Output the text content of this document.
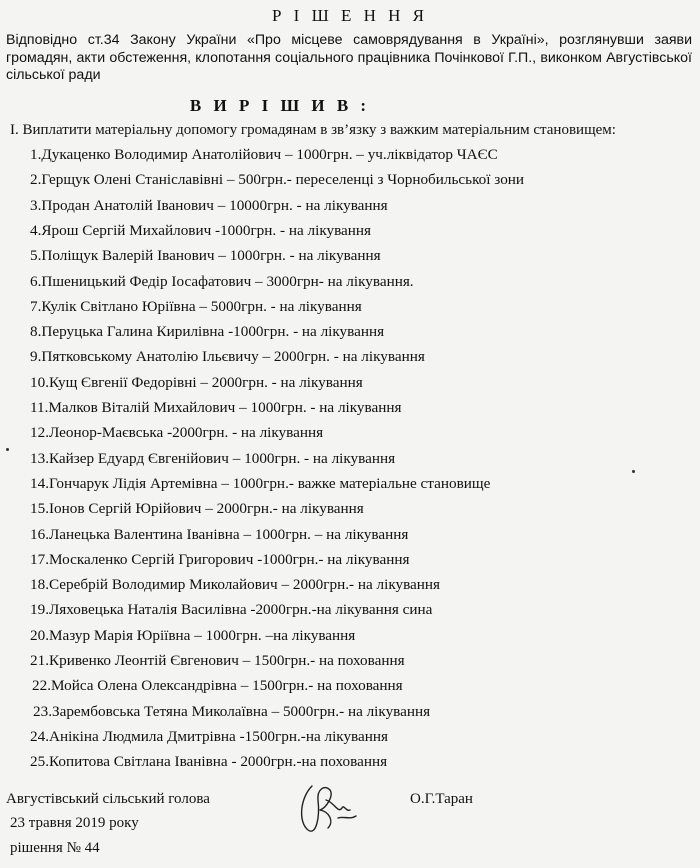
Р І Ш Е Н Н Я
Відповідно ст.34 Закону України «Про місцеве самоврядування в Україні», розглянувши заяви громадян, акти обстеження, клопотання соціального працівника Почінкової Г.П., виконком Августівської сільської ради
В И Р І Ш И В :
І. Виплатити матеріальну допомогу громадянам в зв’язку з важким матеріальним становищем:
1.Дукаценко Володимир Анатолійович – 1000грн. – уч.ліквідатор ЧАЄС
2.Герщук Олені Станіславівні – 500грн.- переселенці з Чорнобильської зони
3.Продан Анатолій Іванович – 10000грн. - на лікування
4.Ярош Сергій Михайлович -1000грн. - на лікування
5.Поліщук Валерій Іванович – 1000грн. - на лікування
6.Пшеницький Федір Іосафатович – 3000грн- на лікування.
7.Кулік Світлано Юріївна – 5000грн. - на лікування
8.Перуцька Галина Кирилівна -1000грн. - на лікування
9.Пятковському Анатолію Ільєвичу – 2000грн. - на лікування
10.Кущ Євгенії Федорівні – 2000грн. - на лікування
11.Малков Віталій Михайлович – 1000грн. - на лікування
12.Леонор-Маєвська -2000грн. - на лікування
13.Кайзер Едуард Євгенійович – 1000грн. - на лікування
14.Гончарук Лідія Артемівна – 1000грн.- важке матеріальне становище
15.Іонов Сергій Юрійович – 2000грн.- на лікування
16.Ланецька Валентина Іванівна – 1000грн. – на лікування
17.Москаленко Сергій Григорович -1000грн.- на лікування
18.Серебрій Володимир Миколайович – 2000грн.- на лікування
19.Ляховецька Наталія Василівна -2000грн.-на лікування сина
20.Мазур Марія Юріївна – 1000грн. –на лікування
21.Кривенко Леонтій Євгенович – 1500грн.- на поховання
22.Мойса Олена Олександрівна – 1500грн.- на поховання
23.Зарембовська Тетяна Миколаївна – 5000грн.- на лікування
24.Анікіна Людмила Дмитрівна -1500грн.-на лікування
25.Копитова Світлана Іванівна - 2000грн.-на поховання
Августівський сільський голова	О.Г.Таран
23 травня 2019 року
рішення № 44
